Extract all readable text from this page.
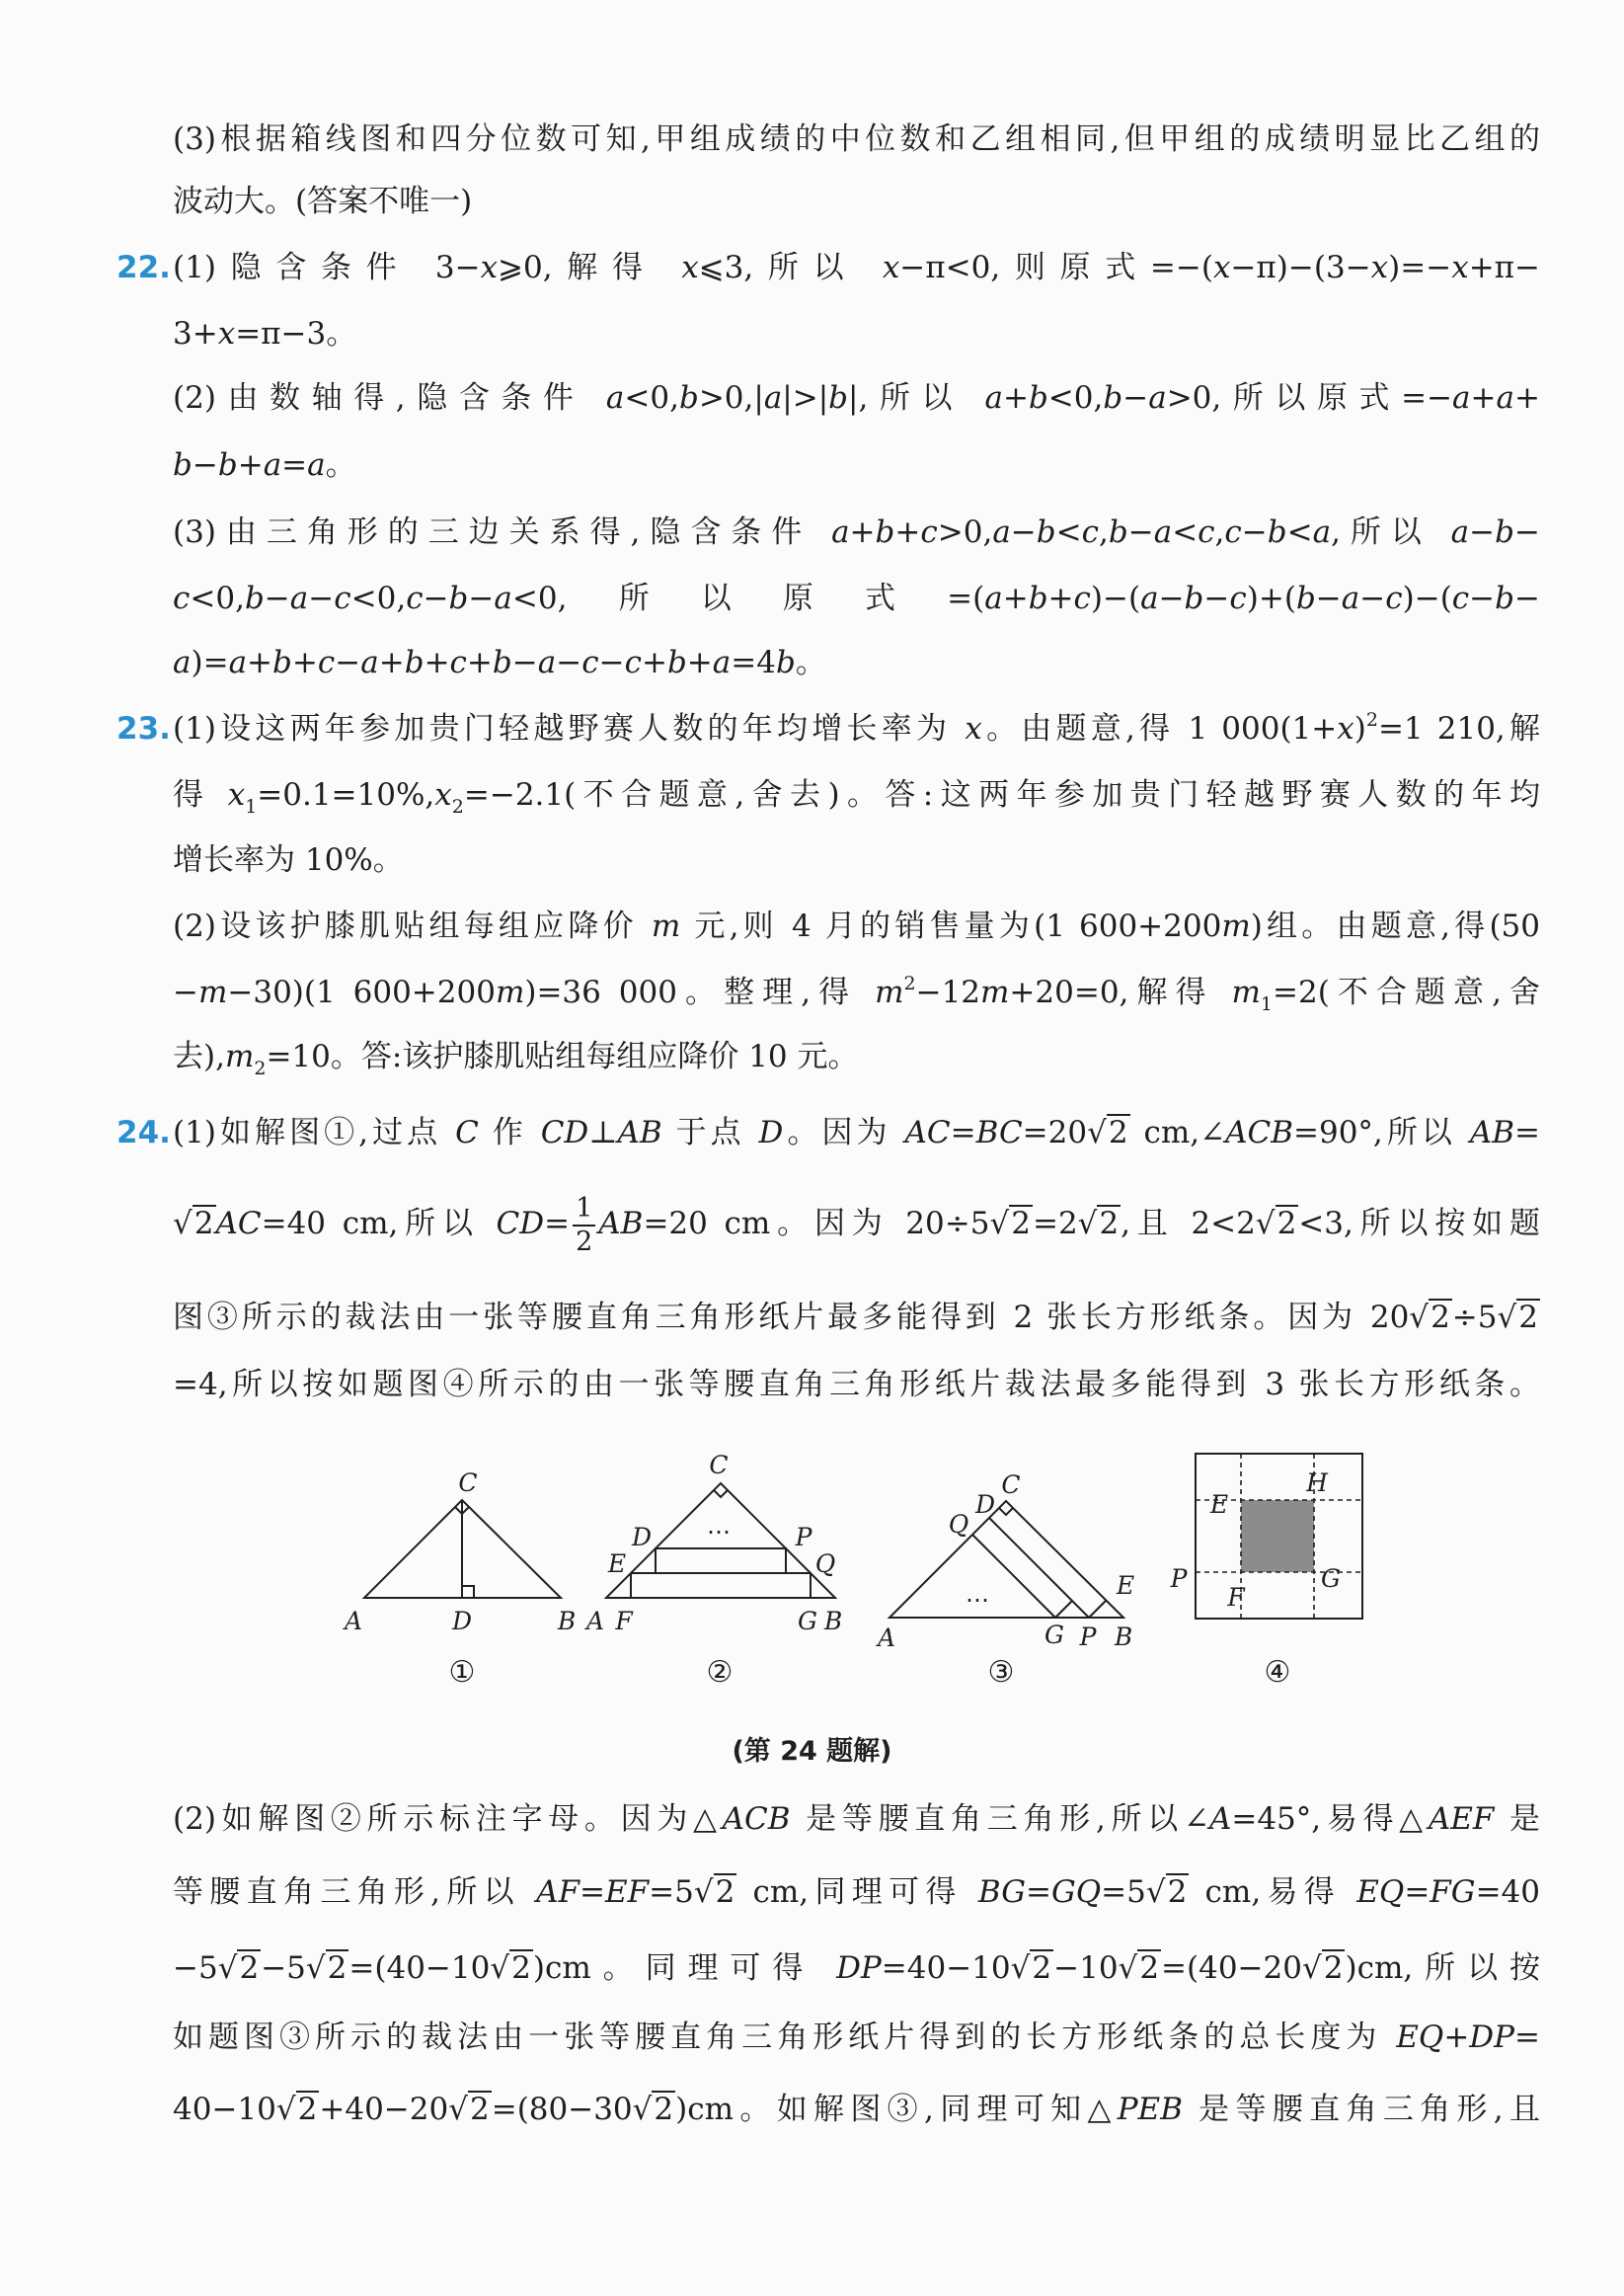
(3)根据箱线图和四分位数可知,甲组成绩的中位数和乙组相同,但甲组的成绩明显比乙组的
波动大。(答案不唯一)
22. (1)隐含条件 3−x⩾0,解得 x⩽3,所以 x−π<0,则原式=−(x−π)−(3−x)=−x+π−
3+x=π−3。
(2)由数轴得,隐含条件 a<0,b>0,|a|>|b|,所以 a+b<0,b−a>0,所以原式=−a+a+
b−b+a=a。
(3)由三角形的三边关系得,隐含条件 a+b+c>0,a−b<c,b−a<c,c−b<a,所以 a−b−
c<0,b−a−c<0,c−b−a<0,所以原式=(a+b+c)−(a−b−c)+(b−a−c)−(c−b−
a)=a+b+c−a+b+c+b−a−c−c+b+a=4b。
23. (1)设这两年参加贵门轻越野赛人数的年均增长率为 x。由题意,得 1 $000(1+x)^2=1$ 210,解
得 $x_1=0.1=10\%,x_2=-2.1$(不合题意,舍去)。答:这两年参加贵门轻越野赛人数的年均
增长率为 10%。
(2)设该护膝肌贴组每组应降价 m 元,则 4 月的销售量为(1 600+200m)组。由题意,得(50
−m−30)(1 600+200m)=36 000。整理,得 $m^2-12m+20=0$,解得 $m_1=2$(不合题意,舍
去)$,m_2=10$。答:该护膝肌贴组每组应降价 10 元。
24. (1)如解图①,过点 C 作 CD⊥AB 于点 D。因为 AC=BC=20√2 cm,∠ACB=90°,所以 AB=
√2AC=40 cm,所以 $CD= \frac{1}{2} AB=20$ cm。因为 20÷5√2=2√2,且 2<2√2<3,所以按如题
图③所示的裁法由一张等腰直角三角形纸片最多能得到 2 张长方形纸条。因为 20√2÷5√2
=4,所以按如题图④所示的由一张等腰直角三角形纸片裁法最多能得到 3 张长方形纸条。
C
A	D	B
①
…
C
D	P
E	Q
A F	G B
②
…
D
C
Q
E
A	G P B
③
E
H
P
F
G
④
(第 24 题解)
(2)如解图②所示标注字母。因为△ACB 是等腰直角三角形,所以∠A=45°,易得△AEF 是
等腰直角三角形,所以 AF=EF=5√2 cm,同理可得 BG=GQ=5√2 cm,易得 EQ=FG=40
−5√2−5√2=(40−10√2)cm。同理可得 DP=40−10√2−10√2=(40−20√2)cm,所以按
如题图③所示的裁法由一张等腰直角三角形纸片得到的长方形纸条的总长度为 EQ+DP=
40−10√2+40−20√2=(80−30√2)cm。如解图③,同理可知△PEB 是等腰直角三角形,且
